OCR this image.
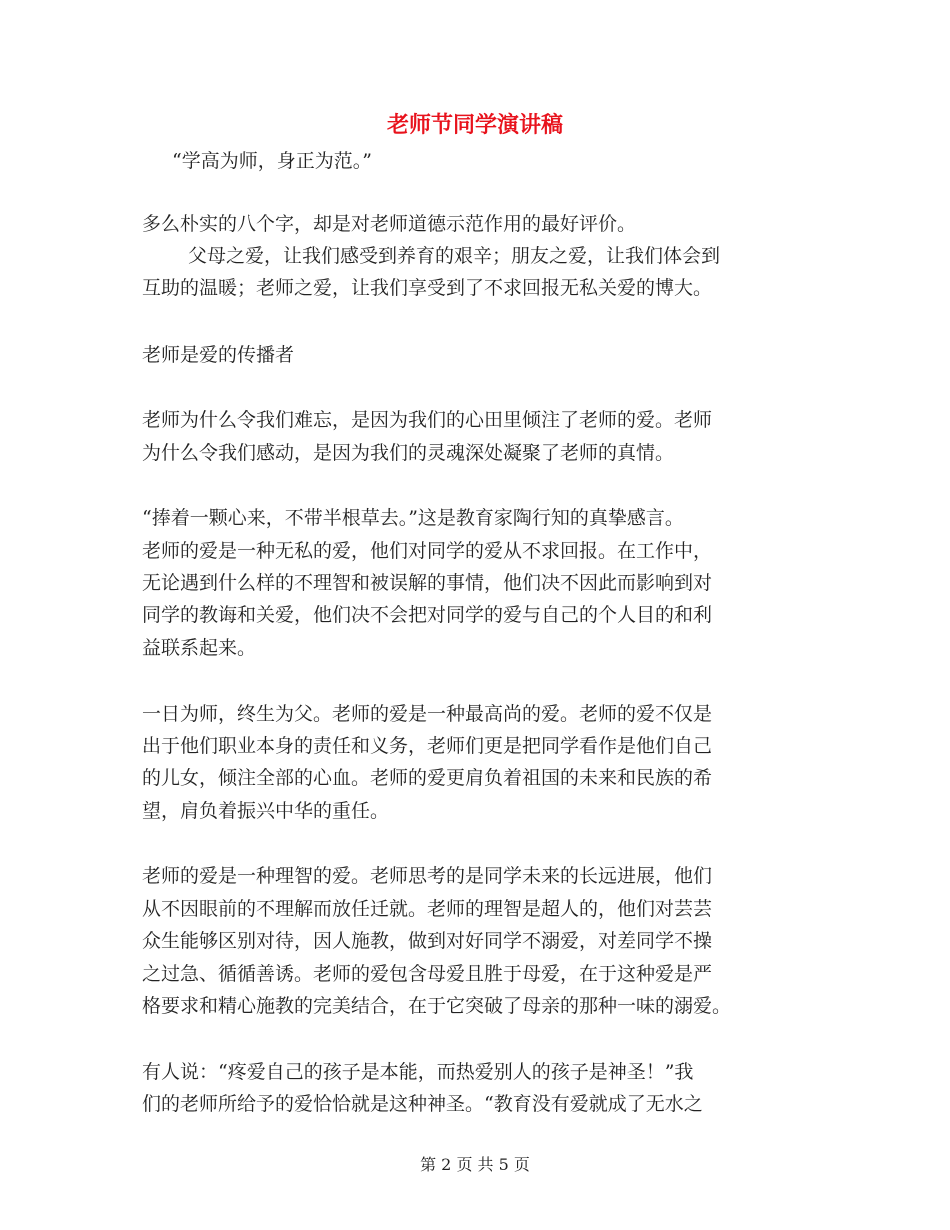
老师节同学演讲稿
“学高为师，身正为范。”
多么朴实的八个字，却是对老师道德示范作用的最好评价。
父母之爱，让我们感受到养育的艰辛；朋友之爱，让我们体会到
互助的温暖；老师之爱，让我们享受到了不求回报无私关爱的博大。
老师是爱的传播者
老师为什么令我们难忘，是因为我们的心田里倾注了老师的爱。老师
为什么令我们感动，是因为我们的灵魂深处凝聚了老师的真情。
“捧着一颗心来，不带半根草去。”这是教育家陶行知的真挚感言。
老师的爱是一种无私的爱，他们对同学的爱从不求回报。在工作中，
无论遇到什么样的不理智和被误解的事情，他们决不因此而影响到对
同学的教诲和关爱，他们决不会把对同学的爱与自己的个人目的和利
益联系起来。
一日为师，终生为父。老师的爱是一种最高尚的爱。老师的爱不仅是
出于他们职业本身的责任和义务，老师们更是把同学看作是他们自己
的儿女，倾注全部的心血。老师的爱更肩负着祖国的未来和民族的希
望，肩负着振兴中华的重任。
老师的爱是一种理智的爱。老师思考的是同学未来的长远进展，他们
从不因眼前的不理解而放任迁就。老师的理智是超人的，他们对芸芸
众生能够区别对待，因人施教，做到对好同学不溺爱，对差同学不操
之过急、循循善诱。老师的爱包含母爱且胜于母爱，在于这种爱是严
格要求和精心施教的完美结合，在于它突破了母亲的那种一味的溺爱。
有人说：“疼爱自己的孩子是本能，而热爱别人的孩子是神圣！”我
们的老师所给予的爱恰恰就是这种神圣。“教育没有爱就成了无水之
第 2 页 共 5 页
